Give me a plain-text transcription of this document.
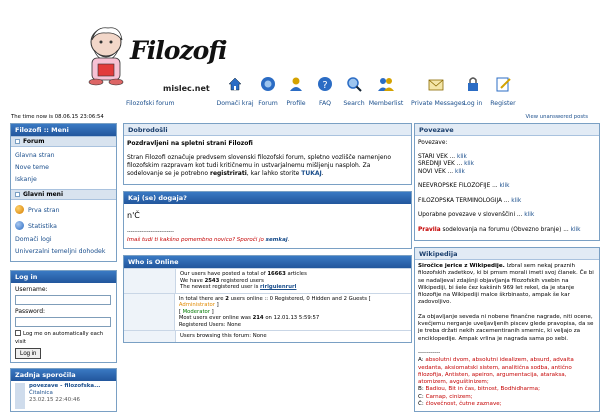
Filozofi
mislec.net
Filozofski forum	Domači kraj Forum	Profile
?
FAQ	Search Memberlist	Private Messages
Log in	Register
The time now is 08.06.15 23:06:54	View unanswered posts
Filozofi :: Meni
Forum
Glavna stran
Nove teme
Iskanje
Glavni meni
Prva stran
Statistika
Domači logi
Univerzalni temeljni dohodek
Log in
Username:
Password:
Log me on automatically each visit
Log in
Zadnja sporočila
povezave - filozofska...
Čitalnica
23.02.15 22:40:46
Dobrodošli
Pozdravljeni na spletni strani Filozofi
Stran Filozofi označuje predvsem slovenski filozofski forum, spletno vozlišče namenjeno filozofskim razpravam kot tudi kritičnemu in ustvarjalnemu mišljenju nasploh. Za sodelovanje se je potrebno registrirati, kar lahko storite TUKAJ.
Kaj (se) dogaja?
n'Č
--------------------------
Imaš tudi ti kakšno pomembno novico? Sporoči jo semkaj.
Who is Online
Our users have posted a total of 16663 articles
We have 2543 registered users
The newest registered user is rirlguienrurl
In total there are 2 users online :: 0 Registered, 0 Hidden and 2 Guests [ Administrator ]
[ Moderator ]
Most users ever online was 214 on 12.01.13 5:59:57
Registered Users: None
Users browsing this forum: None
Povezave
Povezave:
STARI VEK ... klik
SREDNJI VEK ... klik
NOVI VEK ... klik
NEEVROPSKE FILOZOFIJE ... klik
FILOZOPSKA TERMINOLOGIJA ... klik
Uporabne povezave v slovenščini ... klik
Pravila sodelovanja na forumu (Obvezno branje) ... klik
Wikipedija
Siročice jerice z Wikipedije. Izbral sem nekaj praznih filozofskih zadetkov, ki bi pmsm morali imeti svoj članek. Če bi se nadaljeval zdajšnji objavljanja filozofskih vsebin na Wikipediji, bi šele čez kakšnih 969 let rekel, da je stanje filozofije na Wikipediji malce škrbinasto, ampak še kar zadovoljivo.
Za objavljanje seveda ni nobene finančne nagrade, niti ocene, kvečjemu nerganje uveljavljenih piscev glede pravopisa, da se je treba držati nekih zacementiranih smernic, ki veljajo za enciklopedije. Ampak vrlina je nagrada sama po sebi.
-----------
A: absolutni dvom, absolutni idealizem, absurd, advaita vedanta, aksiomatski sistem, analitična sodba, antično filozofija, Antisten, apeiron, argumentacija, ataraksa, atomizem, avguštinizem;
B: Badiou, Bit in čas, bitnost, Bodhidharma;
C: Carnap, cinizem;
Č: človečnost, čutne zaznave;
